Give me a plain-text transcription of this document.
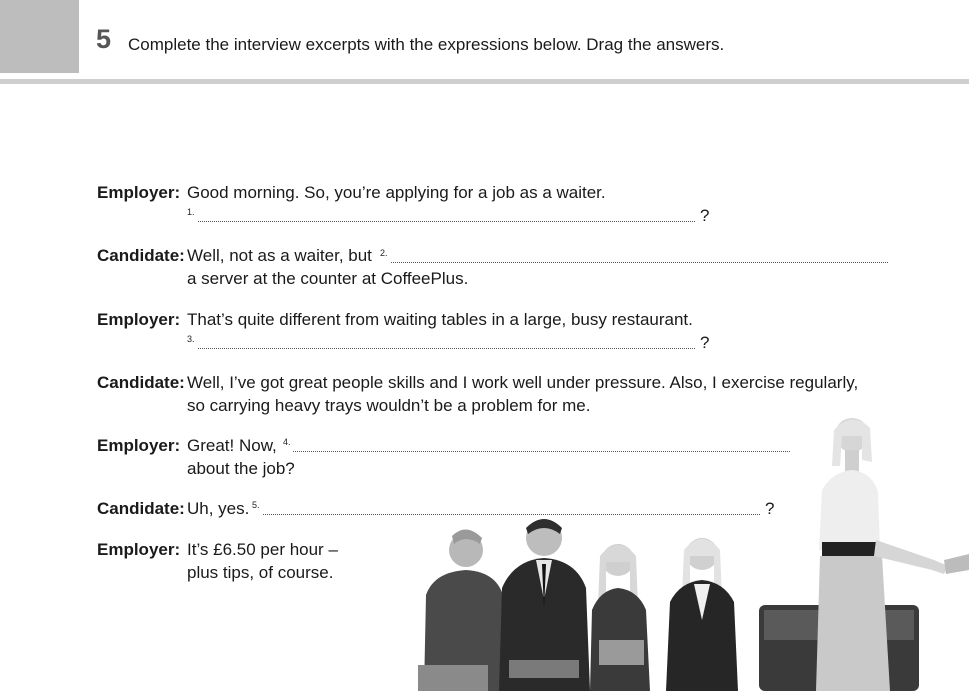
5 Complete the interview excerpts with the expressions below. Drag the answers.
Employer: Good morning. So, you’re applying for a job as a waiter.
1.	?
Candidate: Well, not as a waiter, but 2.
a server at the counter at CoffeePlus.
Employer: That’s quite different from waiting tables in a large, busy restaurant.
3.	?
Candidate: Well, I’ve got great people skills and I work well under pressure. Also, I exercise regularly,
so carrying heavy trays wouldn’t be a problem for me.
Employer: Great! Now, 4.
about the job?
Candidate: Uh, yes. 5.	?
Employer: It’s £6.50 per hour –
plus tips, of course.
